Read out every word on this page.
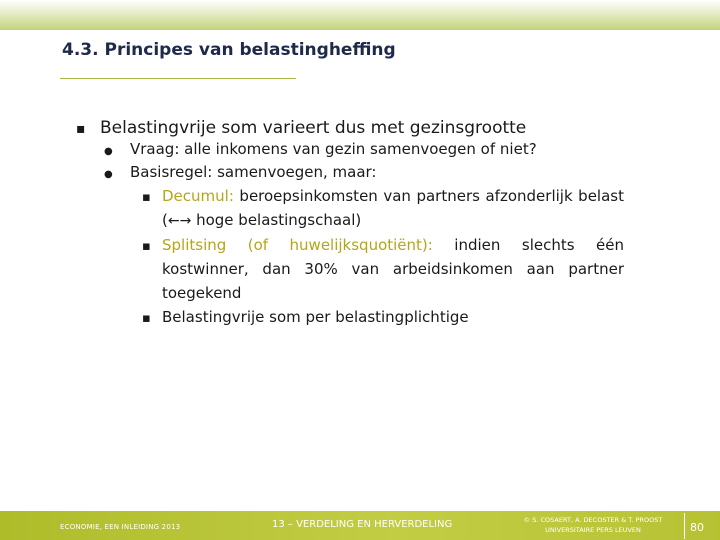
4.3. Principes van belastingheffing
▪ Belastingvrije som varieert dus met gezinsgrootte
●	Vraag: alle inkomens van gezin samenvoegen of niet?
●	Basisregel: samenvoegen, maar:
▪ Decumul: beroepsinkomsten van partners afzonderlijk belast (←→ hoge belastingschaal)
▪ Splitsing (of huwelijksquotiënt): indien slechts één kostwinner, dan 30% van arbeidsinkomen aan partner toegekend
▪ Belastingvrije som per belastingplichtige
ECONOMIE, EEN INLEIDING 2013	13 – VERDELING EN HERVERDELING	© S. COSAERT, A. DECOSTER & T. PROOST
UNIVERSITAIRE PERS LEUVEN	80
